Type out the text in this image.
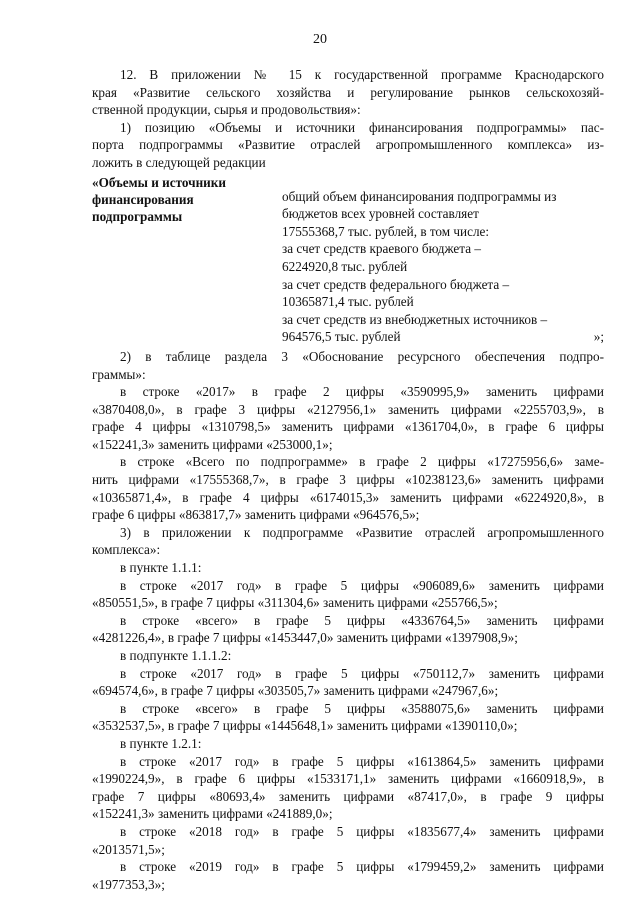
20

12. В приложении № 15 к государственной программе Краснодарского

края «Развитие сельского хозяйства и регулирование рынков сельскохозяй-

ственной продукции, сырья и продовольствия»:

1) позицию «Объемы и источники финансирования подпрограммы» пас-

порта подпрограммы «Развитие отраслей агропромышленного комплекса» из-

ложить в следующей редакции

«Объемы и источники
финансирования
подпрограммы
общий объем финансирования подпрограммы из
бюджетов всех уровней составляет
17555368,7 тыс. рублей, в том числе:
за счет средств краевого бюджета –
6224920,8 тыс. рублей
за счет средств федерального бюджета –
10365871,4 тыс. рублей
за счет средств из внебюджетных источников –
964576,5 тыс. рублей	»;

2) в таблице раздела 3 «Обоснование ресурсного обеспечения подпро-

граммы»:

в строке «2017» в графе 2 цифры «3590995,9» заменить цифрами

«3870408,0», в графе 3 цифры «2127956,1» заменить цифрами «2255703,9», в

графе 4 цифры «1310798,5» заменить цифрами «1361704,0», в графе 6 цифры

«152241,3» заменить цифрами «253000,1»;

в строке «Всего по подпрограмме» в графе 2 цифры «17275956,6» заме-

нить цифрами «17555368,7», в графе 3 цифры «10238123,6» заменить цифрами

«10365871,4», в графе 4 цифры «6174015,3» заменить цифрами «6224920,8», в

графе 6 цифры «863817,7» заменить цифрами «964576,5»;

3) в приложении к подпрограмме «Развитие отраслей агропромышленного

комплекса»:

в пункте 1.1.1:

в строке «2017 год» в графе 5 цифры «906089,6» заменить цифрами

«850551,5», в графе 7 цифры «311304,6» заменить цифрами «255766,5»;

в строке «всего» в графе 5 цифры «4336764,5» заменить цифрами

«4281226,4», в графе 7 цифры «1453447,0» заменить цифрами «1397908,9»;

в подпункте 1.1.1.2:

в строке «2017 год» в графе 5 цифры «750112,7» заменить цифрами

«694574,6», в графе 7 цифры «303505,7» заменить цифрами «247967,6»;

в строке «всего» в графе 5 цифры «3588075,6» заменить цифрами

«3532537,5», в графе 7 цифры «1445648,1» заменить цифрами «1390110,0»;

в пункте 1.2.1:

в строке «2017 год» в графе 5 цифры «1613864,5» заменить цифрами

«1990224,9», в графе 6 цифры «1533171,1» заменить цифрами «1660918,9», в

графе 7 цифры «80693,4» заменить цифрами «87417,0», в графе 9 цифры

«152241,3» заменить цифрами «241889,0»;

в строке «2018 год» в графе 5 цифры «1835677,4» заменить цифрами

«2013571,5»;

в строке «2019 год» в графе 5 цифры «1799459,2» заменить цифрами

«1977353,3»;
